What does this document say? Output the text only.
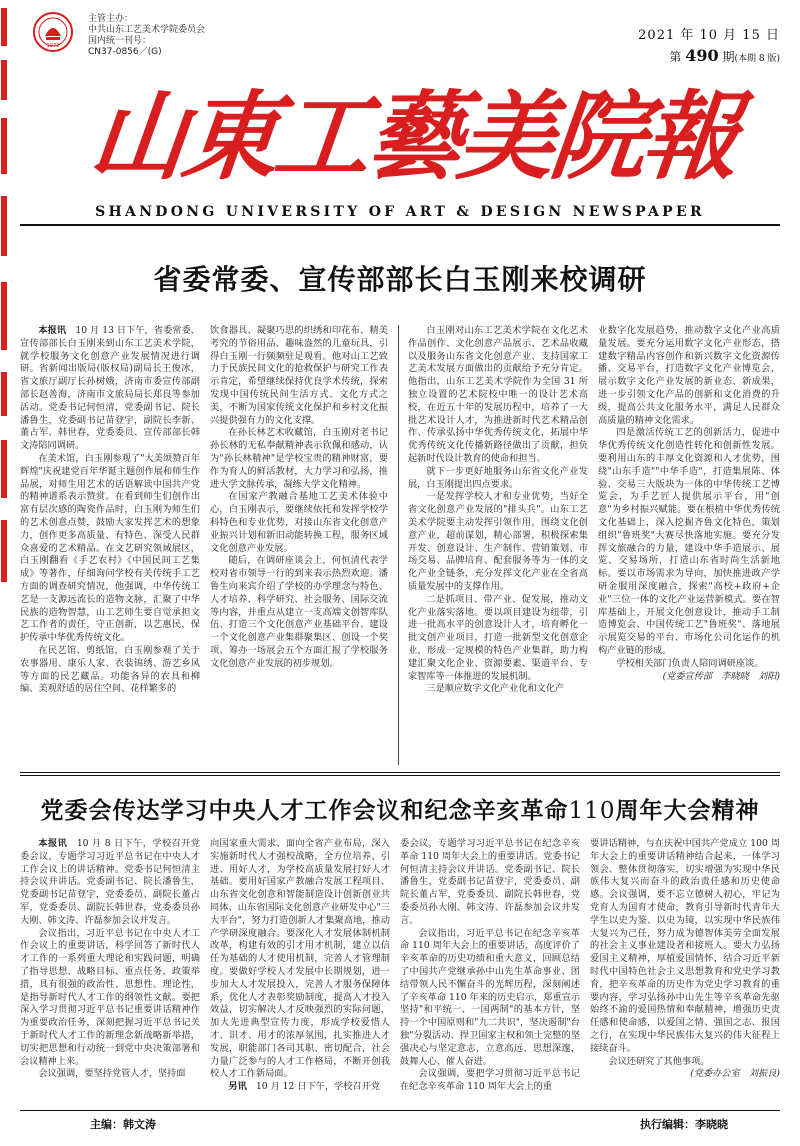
1973
主管主办：
中共山东工艺美术学院委员会
国内统一刊号：
CN37-0856／(G)
2021 年 10 月 15 日
第 490 期(本期 8 版)
山東工藝美院報
SHANDONG UNIVERSITY OF ART & DESIGN NEWSPAPER
省委常委、宣传部部长白玉刚来校调研

本报讯　 10 月 13 日下午，省委常委、宣传部部长白玉刚来到山东工艺美术学院，就学校服务文化创意产业发展情况进行调研。省新闻出版局(版权局)副局长王俊冰，省文旅厅副厅长孙树娥，济南市委宣传部副部长赵善海，济南市文旅局局长郑良等参加活动。党委书记何恒清，党委副书记、院长潘鲁生，党委副书记苗登宇，副院长李新、董占军、韩世春，党委委员、宣传部部长韩文涛陪同调研。

在美术馆，白玉刚参观了"大美颂赞百年辉煌"庆祝建党百年华诞主题创作展和师生作品展，对师生用艺术的话语解读中国共产党的精神谱系表示赞赏。在看到师生们创作出富有层次感的陶瓷作品时，白玉刚为师生们的艺术创意点赞，鼓励大家发挥艺术的想象力，创作更多高质量、有特色、深受人民群众喜爱的艺术精品。在文艺研究领域展区，白玉刚翻看《手艺农村》《中国民间工艺集成》等著作，仔细询问学校有关传统手工艺方面的调查研究情况，他强调，中华传统工艺是一支源远流长的造物文脉，汇聚了中华民族的造物智慧，山工艺师生要自觉承担文艺工作者的责任，守正创新，以艺惠民，保护传承中华优秀传统文化。

在民艺馆、剪纸馆，白玉刚参观了关于农事器用、康乐人家、衣装锦绣、游艺乡风等方面的民艺藏品。功能各异的农具和柳编、美观舒适的居住空间、花样繁多的

饮食器具、凝聚巧思的织绣和印花布、精美考究的节俗用品、趣味盎然的儿童玩具，引得白玉刚一行频频驻足观看。他对山工艺致力于民族民间文化的抢救保护与研究工作表示肯定，希望继续保持优良学术传统，探索发现中国传统民间生活方式、文化方式之美，不断为国家传统文化保护和乡村文化振兴提供强有力的文化支撑。

在孙长林艺术收藏馆，白玉刚对老书记孙长林的无私奉献精神表示钦佩和感动，认为"孙长林精神"是学校宝贵的精神财富，要作为育人的鲜活教材，大力学习和弘扬，推进大学文脉传承，凝练大学文化精神。

在国家产教融合基地工艺美术体验中心，白玉刚表示，要继续依托和发挥学校学科特色和专业优势，对接山东省文化创意产业振兴计划和新旧动能转换工程，服务区域文化创意产业发展。

随后，在调研座谈会上，何恒清代表学校对省市领导一行的到来表示热烈欢迎。潘鲁生向来宾介绍了学校的办学理念与特色、人才培养、科学研究、社会服务、国际交流等内容，并重点从建立一支高端文创智库队伍、打造三个文化创意产业基础平台、建设一个文化创意产业集群聚集区、创设一个奖项、筹办一场展会五个方面汇报了学校服务文化创意产业发展的初步规划。

白玉刚对山东工艺美术学院在文化艺术作品创作、文化创意产品展示、艺术品收藏以及服务山东省文化创意产业、支持国家工艺美术发展方面做出的贡献给予充分肯定。他指出，山东工艺美术学院作为全国 31 所独立设置的艺术院校中唯一的设计艺术高校，在近五十年的发展历程中，培养了一大批艺术设计人才，为推进新时代艺术精品创作、传承弘扬中华优秀传统文化，拓展中华优秀传统文化传播新路径做出了贡献，担负起新时代设计教育的使命和担当。

就下一步更好地服务山东省文化产业发展，白玉刚提出四点要求。

一是发挥学校人才和专业优势，当好全省文化创意产业发展的"排头兵"。山东工艺美术学院要主动发挥引领作用，围绕文化创意产业，超前谋划，精心部署，积极探索集开发、创意设计、生产制作、营销策划、市场交易、品牌培育、配套服务等为一体的文化产业全链条，充分发挥文化产业在全省高质量发展中的支撑作用。

二是抓项目、带产业、促发展，推动文化产业落实落地。要以项目建设为纽带，引进一批高水平的创意设计人才，培育孵化一批文创产业项目，打造一批新型文化创意企业，形成一定规模的特色产业集群，助力构建汇聚文化企业、资源要素、渠道平台、专家智库等一体推进的发展机制。

三是顺应数字文化产业化和文化产

业数字化发展趋势，推动数字文化产业高质量发展。要充分运用数字文化产业形态，搭建数字精品内容创作和新兴数字文化资源传播、交易平台，打造数字文化产业博览会，展示数字文化产业发展的新业态、新成果，进一步引领文化产品的创新和文化消费的升级，提高公共文化服务水平，满足人民群众高质量的精神文化需求。

四是激活传统工艺的创新活力，促进中华优秀传统文化创造性转化和创新性发展。要利用山东的丰厚文化资源和人才优势，围绕"山东手造""中华手造"，打造集展陈、体验、交易三大版块为一体的中华传统工艺博览会，为手艺匠人提供展示平台，用"创意"为乡村振兴赋能。要在根植中华优秀传统文化基础上，深入挖掘齐鲁文化特色，策划组织"鲁班奖"大赛尽快落地实施。要充分发挥文旅融合的力量，建设中华手造展示、展览、交易场所，打造山东省时尚生活新地标。要以市场需求为导向，加快推进政产学研金服用深度融合，探索"高校+政府+企业"三位一体的文化产业运营新模式。要在智库基础上，开展文化创意设计，推动手工制造博览会、中国传统工艺"鲁班奖"、落地展示展览交易的平台、市场化公司化运作的机构产业链的形成。

学校相关部门负责人陪同调研座谈。

(党委宣传部　李晓晓　刘阳)

党委会传达学习中央人才工作会议和纪念辛亥革命110周年大会精神

本报讯　 10 月 8 日下午，学校召开党委会议，专题学习习近平总书记在中央人才工作会议上的讲话精神。党委书记何恒清主持会议并讲话。党委副书记、院长潘鲁生，党委副书记苗登宇，党委委员、副院长董占军，党委委员、副院长韩世春，党委委员孙大刚、韩文涛、许磊参加会议并发言。

会议指出，习近平总书记在中央人才工作会议上的重要讲话，科学回答了新时代人才工作的一系列重大理论和实践问题，明确了指导思想、战略目标、重点任务、政策举措，具有很强的政治性、思想性、理论性，是指导新时代人才工作的纲领性文献。要把深入学习贯彻习近平总书记重要讲话精神作为重要政治任务，深刻把握习近平总书记关于新时代人才工作的新理念新战略新举措，切实把思想和行动统一到党中央决策部署和会议精神上来。

会议强调，要坚持党管人才，坚持面

向国家重大需求、面向全省产业布局，深入实施新时代人才强校战略，全方位培养、引进、用好人才，为学校高质量发展打好人才基础。要用好国家产教融合发展工程项目、山东省文化创意和智能制造设计创新创业共同体、山东省国际文化创意产业研发中心"三大平台"，努力打造创新人才集聚高地，推动产学研深度融合。要深化人才发展体制机制改革，构建有效的引才用才机制，建立以信任为基础的人才使用机制，完善人才管理制度。要做好学校人才发展中长期规划，进一步加大人才发展投入，完善人才服务保障体系，优化人才表彰奖励制度，提高人才投入效益，切实解决人才反映强烈的实际问题，加大先进典型宣传力度，形成学校爱惜人才、识才、用才的浓厚氛围，扎实推进人才发展，职能部门各司其职、密切配合，社会力量广泛参与的人才工作格局，不断开创我校人才工作新局面。

另讯　 10 月 12 日下午，学校召开党

委会议，专题学习习近平总书记在纪念辛亥革命 110 周年大会上的重要讲话。党委书记何恒清主持会议并讲话。党委副书记、院长潘鲁生，党委副书记苗登宇，党委委员、副院长董占军，党委委员、副院长韩世春，党委委员孙大刚、韩文涛、许磊参加会议并发言。

会议指出，习近平总书记在纪念辛亥革命 110 周年大会上的重要讲话，高度评价了辛亥革命的历史功绩和重大意义，回顾总结了中国共产党继承孙中山先生革命事业、团结带领人民不懈奋斗的光辉历程，深刻阐述了辛亥革命 110 年来的历史启示，郑重宣示坚持"和平统一、一国两制"的基本方针，坚持一个中国原则和"九二共识"，坚决遏制"台独"分裂活动、捍卫国家主权和领土完整的坚强决心与坚定意志，立意高远、思想深邃，鼓舞人心、催人奋进。

会议强调，要把学习贯彻习近平总书记在纪念辛亥革命 110 周年大会上的重

要讲话精神，与在庆祝中国共产党成立 100 周年大会上的重要讲话精神结合起来，一体学习领会、整体贯彻落实，切实增强为实现中华民族伟大复兴而奋斗的政治责任感和历史使命感。会议强调，要不忘立德树人初心，牢记为党育人为国育才使命，教育引导新时代青年大学生以史为鉴、以史为镜，以实现中华民族伟大复兴为己任，努力成为德智体美劳全面发展的社会主义事业建设者和接班人。要大力弘扬爱国主义精神，厚植爱国情怀，结合习近平新时代中国特色社会主义思想教育和党史学习教育，把辛亥革命的历史作为党史学习教育的重要内容，学习弘扬孙中山先生等辛亥革命先驱始终不渝的爱国热情和奉献精神，增强历史责任感和使命感，以爱国之情、强国之志、报国之行，在实现中华民族伟大复兴的伟大征程上接续奋斗。

会议还研究了其他事项。

(党委办公室　刘振良)

主编：韩文涛	执行编辑：李晓晓
